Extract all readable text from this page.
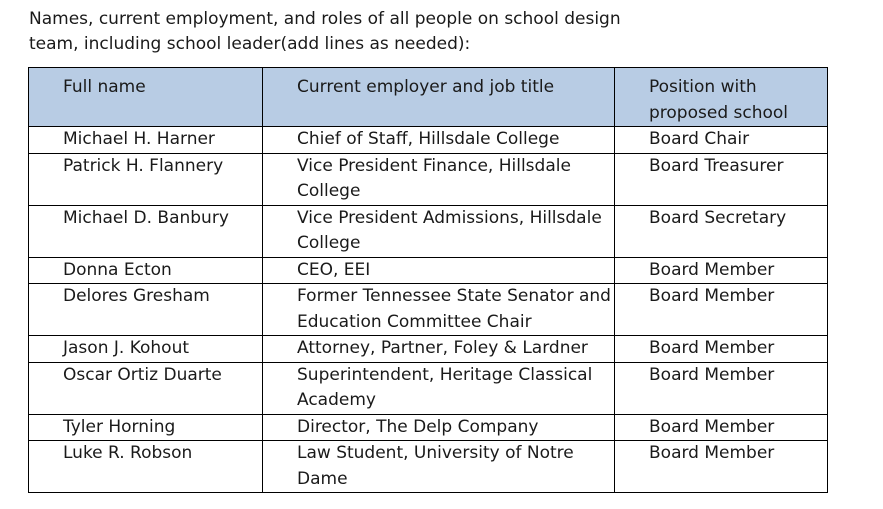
Names, current employment, and roles of all people on school design
team, including school leader(add lines as needed):

Full name	Current employer and job title	Position with
proposed school
Michael H. Harner	Chief of Staff, Hillsdale College	Board Chair
Patrick H. Flannery	Vice President Finance, Hillsdale College	Board Treasurer
Michael D. Banbury	Vice President Admissions, Hillsdale College	Board Secretary
Donna Ecton	CEO, EEI	Board Member
Delores Gresham	Former Tennessee State Senator and Education Committee Chair	Board Member
Jason J. Kohout	Attorney, Partner, Foley & Lardner	Board Member
Oscar Ortiz Duarte	Superintendent, Heritage Classical Academy	Board Member
Tyler Horning	Director, The Delp Company	Board Member
Luke R. Robson	Law Student, University of Notre Dame	Board Member
